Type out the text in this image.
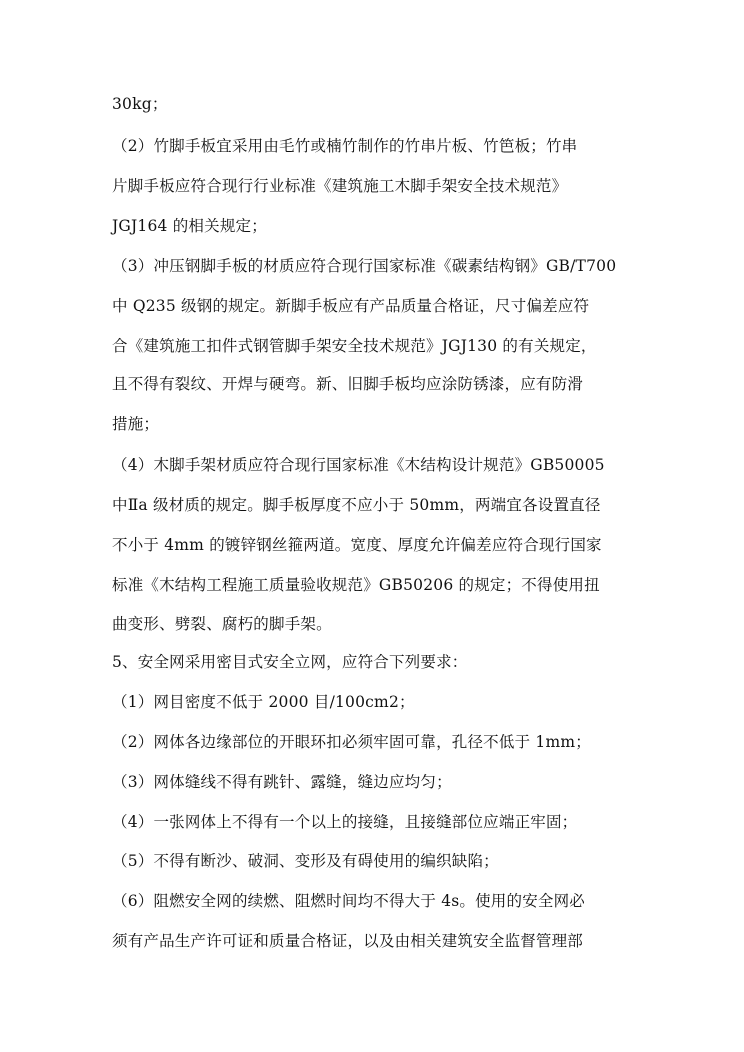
30kg；
（2）竹脚手板宜采用由毛竹或楠竹制作的竹串片板、竹笆板；竹串
片脚手板应符合现行行业标准《建筑施工木脚手架安全技术规范》
JGJ164 的相关规定；
（3）冲压钢脚手板的材质应符合现行国家标准《碳素结构钢》GB/T700
中 Q235 级钢的规定。新脚手板应有产品质量合格证，尺寸偏差应符
合《建筑施工扣件式钢管脚手架安全技术规范》JGJ130 的有关规定，
且不得有裂纹、开焊与硬弯。新、旧脚手板均应涂防锈漆，应有防滑
措施；
（4）木脚手架材质应符合现行国家标准《木结构设计规范》GB50005
中Ⅱa 级材质的规定。脚手板厚度不应小于 50mm，两端宜各设置直径
不小于 4mm 的镀锌钢丝箍两道。宽度、厚度允许偏差应符合现行国家
标准《木结构工程施工质量验收规范》GB50206 的规定；不得使用扭
曲变形、劈裂、腐朽的脚手架。
5、安全网采用密目式安全立网，应符合下列要求：
（1）网目密度不低于 2000 目/100cm2；
（2）网体各边缘部位的开眼环扣必须牢固可靠，孔径不低于 1mm；
（3）网体缝线不得有跳针、露缝，缝边应均匀；
（4）一张网体上不得有一个以上的接缝，且接缝部位应端正牢固；
（5）不得有断沙、破洞、变形及有碍使用的编织缺陷；
（6）阻燃安全网的续燃、阻燃时间均不得大于 4s。使用的安全网必
须有产品生产许可证和质量合格证，以及由相关建筑安全监督管理部
